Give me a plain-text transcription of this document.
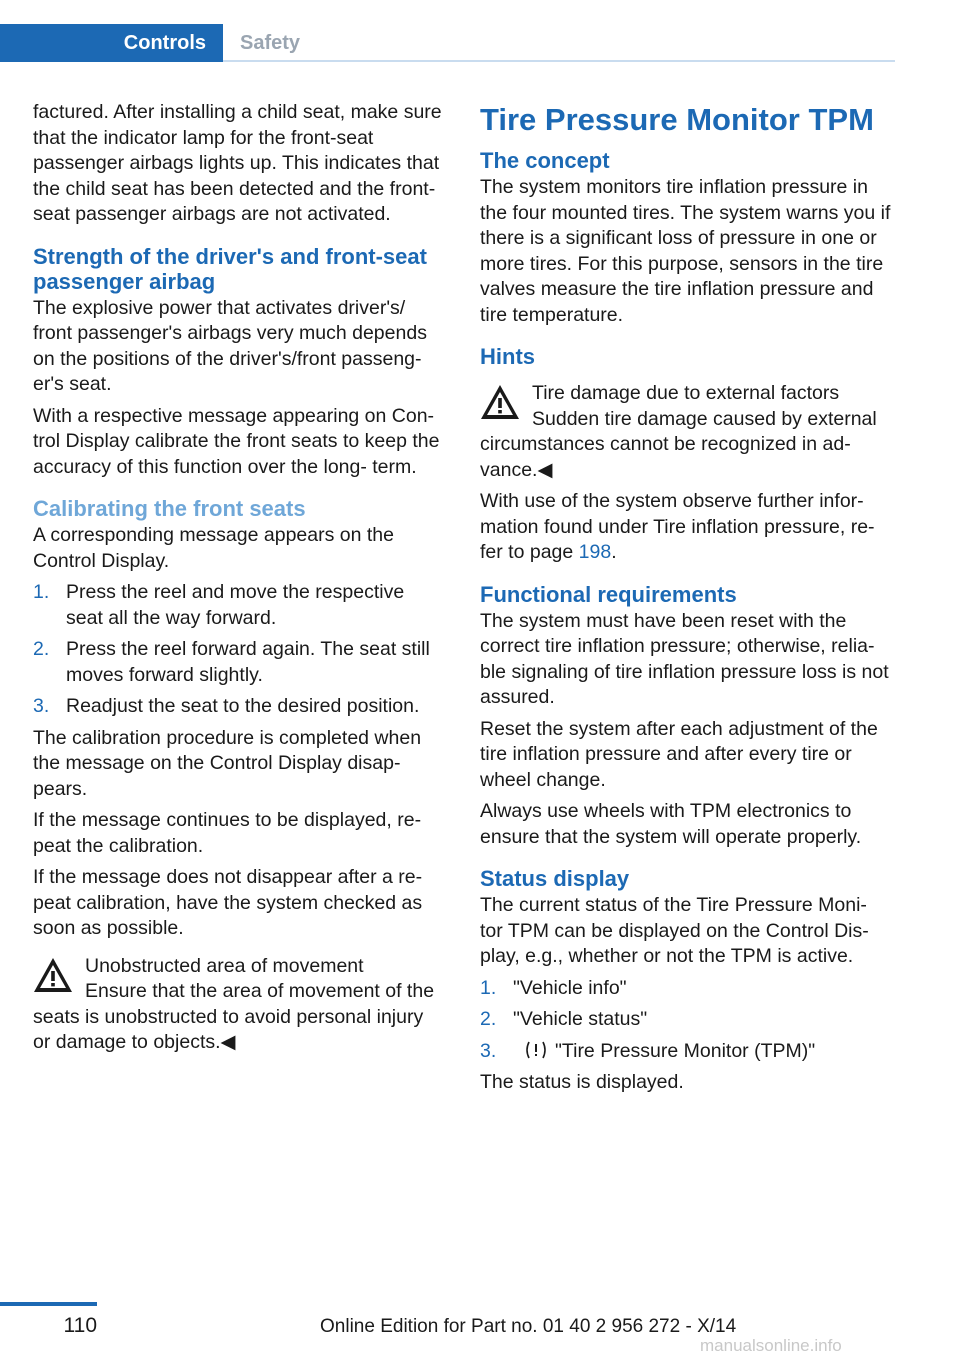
Controls	Safety

factured. After installing a child seat, make sure that the indicator lamp for the front-seat passenger airbags lights up. This indicates that the child seat has been detected and the front-seat passenger airbags are not activated.

Strength of the driver's and front-seat passenger airbag

The explosive power that activates driver's/ front passenger's airbags very much depends on the positions of the driver's/front passeng‐ er's seat.

With a respective message appearing on Con‐ trol Display calibrate the front seats to keep the accuracy of this function over the long- term.

Calibrating the front seats

A corresponding message appears on the Control Display.

1. Press the reel and move the respective seat all the way forward.
2. Press the reel forward again. The seat still moves forward slightly.
3. Readjust the seat to the desired position.

The calibration procedure is completed when the message on the Control Display disap‐ pears.

If the message continues to be displayed, re‐ peat the calibration.

If the message does not disappear after a re‐ peat calibration, have the system checked as soon as possible.

Unobstructed area of movement
Ensure that the area of movement of the seats is unobstructed to avoid personal injury or damage to objects.◀
Tire Pressure Monitor TPM
The concept

The system monitors tire inflation pressure in the four mounted tires. The system warns you if there is a significant loss of pressure in one or more tires. For this purpose, sensors in the tire valves measure the tire inflation pressure and tire temperature.

Hints
Tire damage due to external factors
Sudden tire damage caused by external circumstances cannot be recognized in ad‐ vance.◀

With use of the system observe further infor‐ mation found under Tire inflation pressure, re‐ fer to page 198.

Functional requirements

The system must have been reset with the correct tire inflation pressure; otherwise, relia‐ ble signaling of tire inflation pressure loss is not assured.

Reset the system after each adjustment of the tire inflation pressure and after every tire or wheel change.

Always use wheels with TPM electronics to ensure that the system will operate properly.

Status display

The current status of the Tire Pressure Moni‐ tor TPM can be displayed on the Control Dis‐ play, e.g., whether or not the TPM is active.

1. "Vehicle info"
2. "Vehicle status"
3.	"Tire Pressure Monitor (TPM)"

The status is displayed.

110	Online Edition for Part no. 01 40 2 956 272 - X/14
manualsonline.info
